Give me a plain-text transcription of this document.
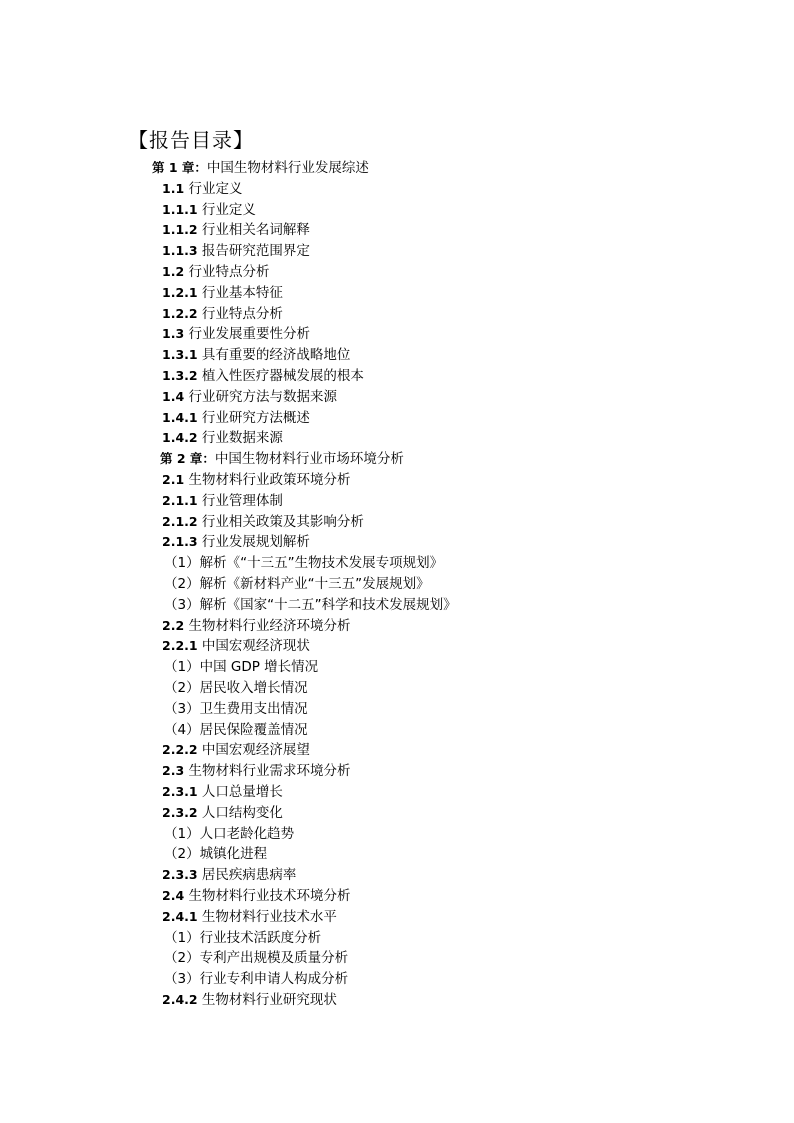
【报告目录】
第 1 章：中国生物材料行业发展综述
1.1 行业定义
1.1.1 行业定义
1.1.2 行业相关名词解释
1.1.3 报告研究范围界定
1.2 行业特点分析
1.2.1 行业基本特征
1.2.2 行业特点分析
1.3 行业发展重要性分析
1.3.1 具有重要的经济战略地位
1.3.2 植入性医疗器械发展的根本
1.4 行业研究方法与数据来源
1.4.1 行业研究方法概述
1.4.2 行业数据来源
第 2 章：中国生物材料行业市场环境分析
2.1 生物材料行业政策环境分析
2.1.1 行业管理体制
2.1.2 行业相关政策及其影响分析
2.1.3 行业发展规划解析
（1）解析《“十三五”生物技术发展专项规划》
（2）解析《新材料产业“十三五”发展规划》
（3）解析《国家“十二五”科学和技术发展规划》
2.2 生物材料行业经济环境分析
2.2.1 中国宏观经济现状
（1）中国 GDP 增长情况
（2）居民收入增长情况
（3）卫生费用支出情况
（4）居民保险覆盖情况
2.2.2 中国宏观经济展望
2.3 生物材料行业需求环境分析
2.3.1 人口总量增长
2.3.2 人口结构变化
（1）人口老龄化趋势
（2）城镇化进程
2.3.3 居民疾病患病率
2.4 生物材料行业技术环境分析
2.4.1 生物材料行业技术水平
（1）行业技术活跃度分析
（2）专利产出规模及质量分析
（3）行业专利申请人构成分析
2.4.2 生物材料行业研究现状
